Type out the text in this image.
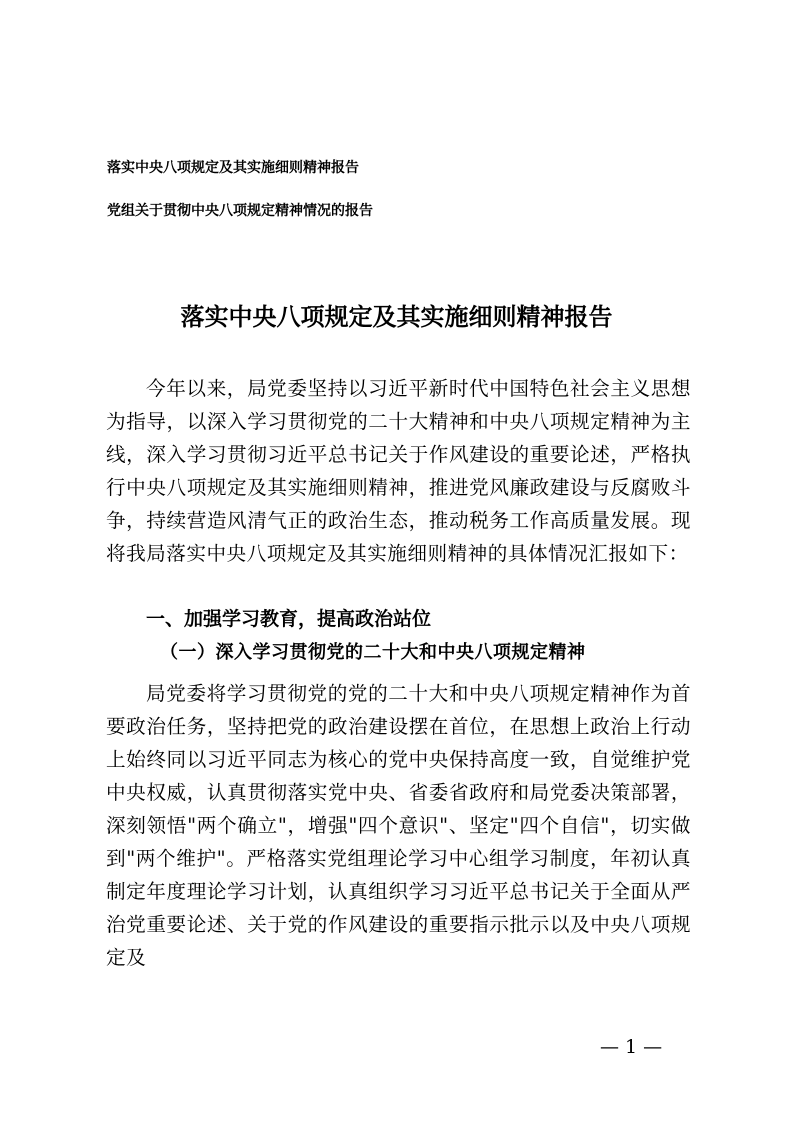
落实中央八项规定及其实施细则精神报告
党组关于贯彻中央八项规定精神情况的报告
落实中央八项规定及其实施细则精神报告
今年以来，局党委坚持以习近平新时代中国特色社会主义思想为指导，以深入学习贯彻党的二十大精神和中央八项规定精神为主线，深入学习贯彻习近平总书记关于作风建设的重要论述，严格执行中央八项规定及其实施细则精神，推进党风廉政建设与反腐败斗争，持续营造风清气正的政治生态，推动税务工作高质量发展。现将我局落实中央八项规定及其实施细则精神的具体情况汇报如下：
一、加强学习教育，提高政治站位
（一）深入学习贯彻党的二十大和中央八项规定精神
局党委将学习贯彻党的党的二十大和中央八项规定精神作为首要政治任务，坚持把党的政治建设摆在首位，在思想上政治上行动上始终同以习近平同志为核心的党中央保持高度一致，自觉维护党中央权威，认真贯彻落实党中央、省委省政府和局党委决策部署，深刻领悟"两个确立"，增强"四个意识"、坚定"四个自信"，切实做到"两个维护"。严格落实党组理论学习中心组学习制度，年初认真制定年度理论学习计划，认真组织学习习近平总书记关于全面从严治党重要论述、关于党的作风建设的重要指示批示以及中央八项规定及
— 1 —
